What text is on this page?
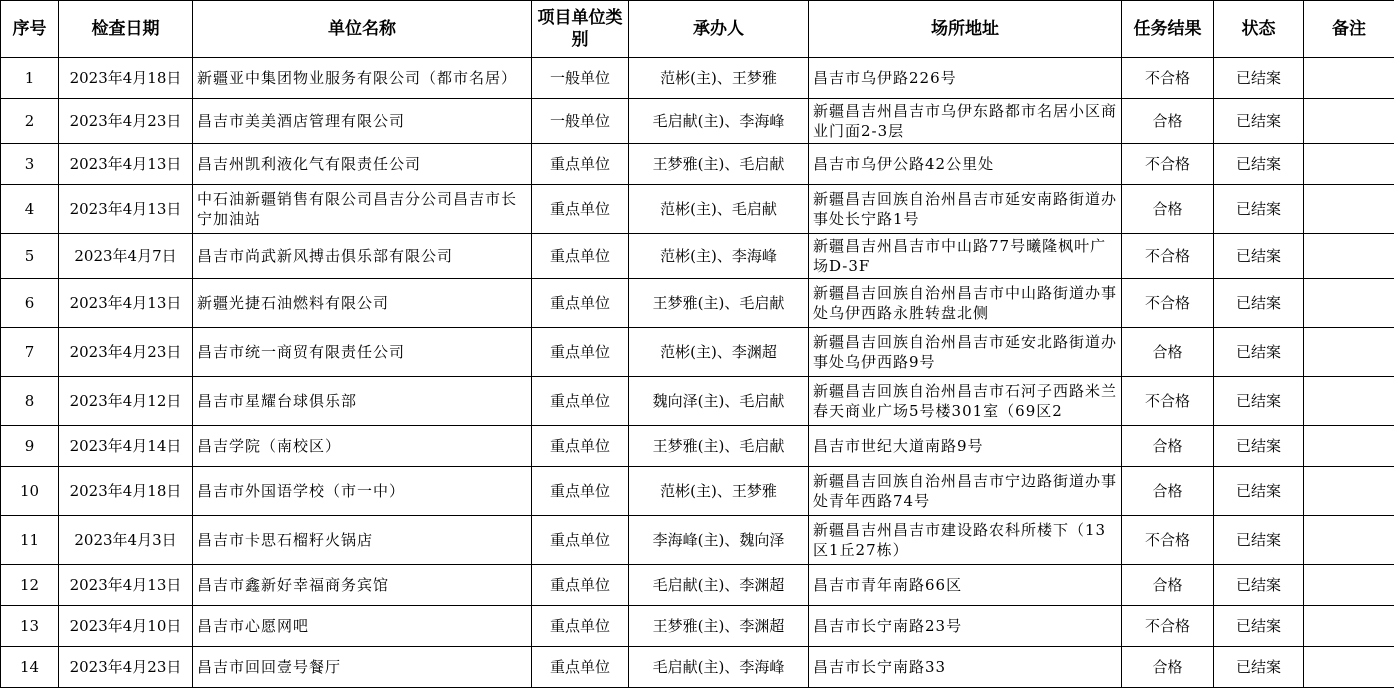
序号	检查日期	单位名称	项目单位类别	承办人	场所地址	任务结果	状态	备注
1	2023年4月18日	新疆亚中集团物业服务有限公司（都市名居）	一般单位	范彬(主)、王梦雅	昌吉市乌伊路226号	不合格	已结案	
2	2023年4月23日	昌吉市美美酒店管理有限公司	一般单位	毛启献(主)、李海峰	新疆昌吉州昌吉市乌伊东路都市名居小区商业门面2-3层	合格	已结案	
3	2023年4月13日	昌吉州凯利液化气有限责任公司	重点单位	王梦雅(主)、毛启献	昌吉市乌伊公路42公里处	不合格	已结案	
4	2023年4月13日	中石油新疆销售有限公司昌吉分公司昌吉市长宁加油站	重点单位	范彬(主)、毛启献	新疆昌吉回族自治州昌吉市延安南路街道办事处长宁路1号	合格	已结案	
5	2023年4月7日	昌吉市尚武新风搏击俱乐部有限公司	重点单位	范彬(主)、李海峰	新疆昌吉州昌吉市中山路77号曦隆枫叶广场D-3F	不合格	已结案	
6	2023年4月13日	新疆光捷石油燃料有限公司	重点单位	王梦雅(主)、毛启献	新疆昌吉回族自治州昌吉市中山路街道办事处乌伊西路永胜转盘北侧	不合格	已结案	
7	2023年4月23日	昌吉市统一商贸有限责任公司	重点单位	范彬(主)、李渊超	新疆昌吉回族自治州昌吉市延安北路街道办事处乌伊西路9号	合格	已结案	
8	2023年4月12日	昌吉市星耀台球俱乐部	重点单位	魏向泽(主)、毛启献	新疆昌吉回族自治州昌吉市石河子西路米兰春天商业广场5号楼301室（69区2	不合格	已结案	
9	2023年4月14日	昌吉学院（南校区）	重点单位	王梦雅(主)、毛启献	昌吉市世纪大道南路9号	合格	已结案	
10	2023年4月18日	昌吉市外国语学校（市一中）	重点单位	范彬(主)、王梦雅	新疆昌吉回族自治州昌吉市宁边路街道办事处青年西路74号	合格	已结案	
11	2023年4月3日	昌吉市卡思石榴籽火锅店	重点单位	李海峰(主)、魏向泽	新疆昌吉州昌吉市建设路农科所楼下（13区1丘27栋）	不合格	已结案	
12	2023年4月13日	昌吉市鑫新好幸福商务宾馆	重点单位	毛启献(主)、李渊超	昌吉市青年南路66区	合格	已结案	
13	2023年4月10日	昌吉市心愿网吧	重点单位	王梦雅(主)、李渊超	昌吉市长宁南路23号	不合格	已结案	
14	2023年4月23日	昌吉市回回壹号餐厅	重点单位	毛启献(主)、李海峰	昌吉市长宁南路33	合格	已结案	
